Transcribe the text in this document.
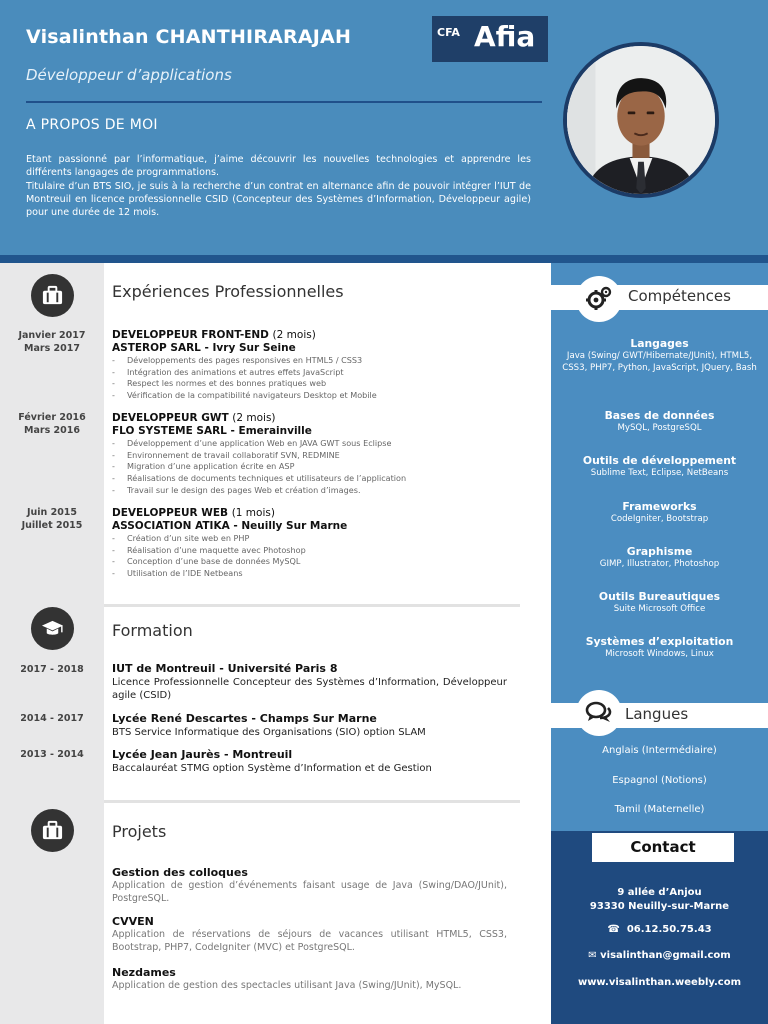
Visalinthan CHANTHIRARAJAH
Développeur d’applications
A PROPOS DE MOI

Etant passionné par l’informatique, j’aime découvrir les nouvelles technologies et apprendre les différents langages de programmations.

Titulaire d’un BTS SIO, je suis à la recherche d’un contrat en alternance afin de pouvoir intégrer l’IUT de Montreuil en licence professionnelle CSID (Concepteur des Systèmes d’Information, Développeur agile) pour une durée de 12 mois.

CFA Afia
Janvier 2017
Mars 2017
Février 2016
Mars 2016
Juin 2015
Juillet 2015
2017 - 2018
2014 - 2017
2013 - 2014
Expériences Professionnelles
DEVELOPPEUR FRONT-END (2 mois)
ASTEROP SARL - Ivry Sur Seine
- Développements des pages responsives en HTML5 / CSS3
- Intégration des animations et autres effets JavaScript
- Respect les normes et des bonnes pratiques web
- Vérification de la compatibilité navigateurs Desktop et Mobile
DEVELOPPEUR GWT (2 mois)
FLO SYSTEME SARL - Emerainville
- Développement d’une application Web en JAVA GWT sous Eclipse
- Environnement de travail collaboratif SVN, REDMINE
- Migration d’une application écrite en ASP
- Réalisations de documents techniques et utilisateurs de l’application
- Travail sur le design des pages Web et création d’images.
DEVELOPPEUR WEB (1 mois)
ASSOCIATION ATIKA - Neuilly Sur Marne
- Création d’un site web en PHP
- Réalisation d’une maquette avec Photoshop
- Conception d’une base de données MySQL
- Utilisation de l’IDE Netbeans
Formation
IUT de Montreuil - Université Paris 8
Licence Professionnelle Concepteur des Systèmes d’Information, Développeur agile (CSID)
Lycée René Descartes - Champs Sur Marne
BTS Service Informatique des Organisations (SIO) option SLAM
Lycée Jean Jaurès - Montreuil
Baccalauréat STMG option Système d’Information et de Gestion
Projets
Gestion des colloques
Application de gestion d’événements faisant usage de Java (Swing/DAO/JUnit), PostgreSQL.
CVVEN
Application de réservations de séjours de vacances utilisant HTML5, CSS3, Bootstrap, PHP7, CodeIgniter (MVC) et PostgreSQL.
Nezdames
Application de gestion des spectacles utilisant Java (Swing/JUnit), MySQL.
Compétences
Langages
Java (Swing/ GWT/Hibernate/JUnit), HTML5, CSS3, PHP7, Python, JavaScript, JQuery, Bash
Bases de données
MySQL, PostgreSQL
Outils de développement
Sublime Text, Eclipse, NetBeans
Frameworks
CodeIgniter, Bootstrap
Graphisme
GIMP, Illustrator, Photoshop
Outils Bureautiques
Suite Microsoft Office
Systèmes d’exploitation
Microsoft Windows, Linux
Langues
Anglais (Intermédiaire)
Espagnol (Notions)
Tamil (Maternelle)
Contact
9 allée d’Anjou
93330 Neuilly-sur-Marne
☎ 06.12.50.75.43
✉ visalinthan@gmail.com
www.visalinthan.weebly.com
